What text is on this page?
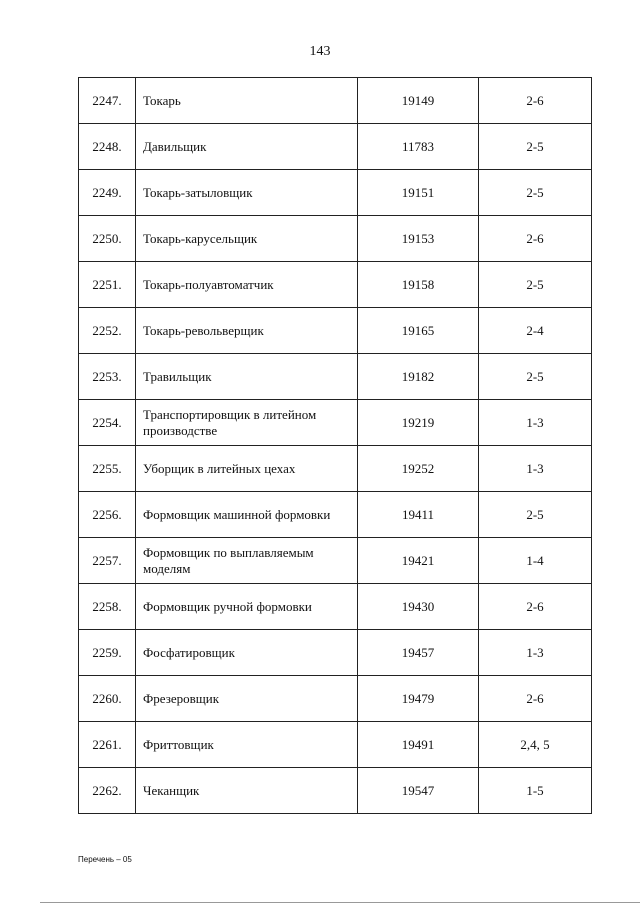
143
2247.	Токарь	19149	2-6
2248.	Давильщик	11783	2-5
2249.	Токарь-затыловщик	19151	2-5
2250.	Токарь-карусельщик	19153	2-6
2251.	Токарь-полуавтоматчик	19158	2-5
2252.	Токарь-револьверщик	19165	2-4
2253.	Травильщик	19182	2-5
2254.	Транспортировщик в литейном производстве	19219	1-3
2255.	Уборщик в литейных цехах	19252	1-3
2256.	Формовщик машинной формовки	19411	2-5
2257.	Формовщик по выплавляемым моделям	19421	1-4
2258.	Формовщик ручной формовки	19430	2-6
2259.	Фосфатировщик	19457	1-3
2260.	Фрезеровщик	19479	2-6
2261.	Фриттовщик	19491	2,4, 5
2262.	Чеканщик	19547	1-5
Перечень – 05
